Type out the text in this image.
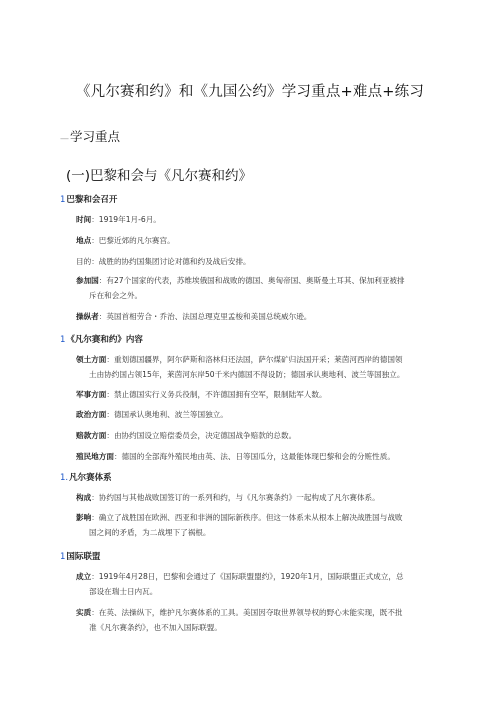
《凡尔赛和约》和《九国公约》学习重点+难点+练习
—学习重点
(一)巴黎和会与《凡尔赛和约》
1巴黎和会召开
时间：1919年1月-6月。
地点：巴黎近郊的凡尔赛宫。
目的：战胜的协约国集团讨论对德和约及战后安排。
参加国：有27个国家的代表，苏维埃俄国和战败的德国、奥匈帝国、奥斯曼土耳其、保加利亚被排
斥在和会之外。
操纵者：英国首相劳合・乔治、法国总理克里孟梭和美国总统威尔逊。
1《凡尔赛和约》内容
领土方面：重划德国疆界，阿尔萨斯和洛林归还法国，萨尔煤矿归法国开采；莱茵河西岸的德国领
土由协约国占领15年，莱茵河东岸50千米内德国不得设防；德国承认奥地利、波兰等国独立。
军事方面：禁止德国实行义务兵役制，不许德国拥有空军，限制陆军人数。
政治方面：德国承认奥地利、波兰等国独立。
赔款方面：由协约国设立赔偿委员会，决定德国战争赔款的总数。
殖民地方面：德国的全部海外殖民地由英、法、日等国瓜分，这最能体现巴黎和会的分赃性质。
1.凡尔赛体系
构成：协约国与其他战败国签订的一系列和约，与《凡尔赛条约》一起构成了凡尔赛体系。
影响：确立了战胜国在欧洲、西亚和非洲的国际新秩序。但这一体系未从根本上解决战胜国与战败
国之间的矛盾，为二战埋下了祸根。
1国际联盟
成立：1919年4月28日，巴黎和会通过了《国际联盟盟约》，1920年1月，国际联盟正式成立，总
部设在瑞士日内瓦。
实质：在英、法操纵下，维护凡尔赛体系的工具。美国因夺取世界领导权的野心未能实现，既不批
准《凡尔赛条约》，也不加入国际联盟。
